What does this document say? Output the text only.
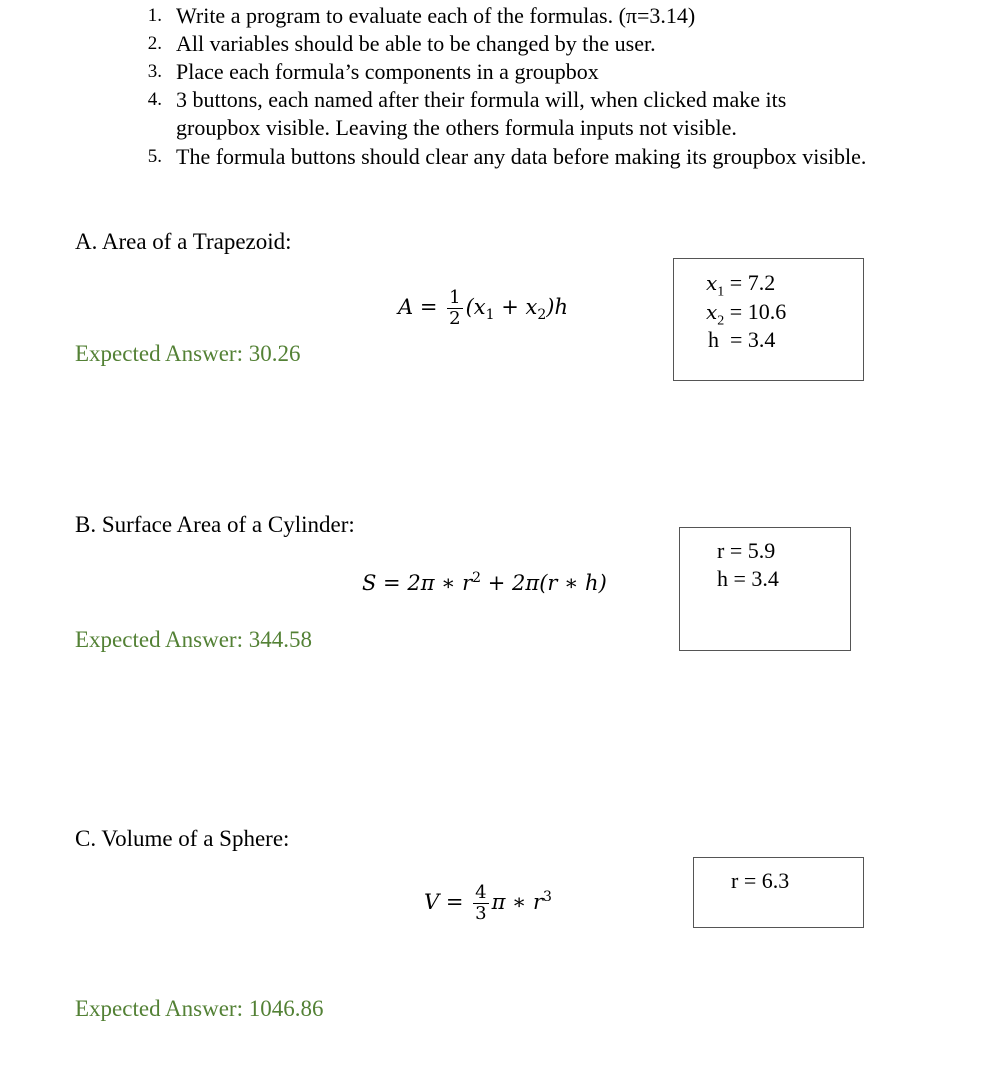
1. Write a program to evaluate each of the formulas. (π=3.14)
2. All variables should be able to be changed by the user.
3. Place each formula’s components in a groupbox
4. 3 buttons, each named after their formula will, when clicked make its groupbox visible. Leaving the others formula inputs not visible.
5. The formula buttons should clear any data before making its groupbox visible.
A. Area of a Trapezoid:
$A = \frac{1}{2} (x_1 + x_2)h$
Expected Answer: 30.26
$x_1 = 7.2$
$x_2 = 10.6$
h  = 3.4
B. Surface Area of a Cylinder:
S = 2π ∗ $r^2 + 2\pi(r$ ∗ h)
Expected Answer: 344.58
r = 5.9
h = 3.4
C. Volume of a Sphere:
$V = \frac{4}{3}$ π ∗ $r^3$
Expected Answer: 1046.86
r = 6.3
